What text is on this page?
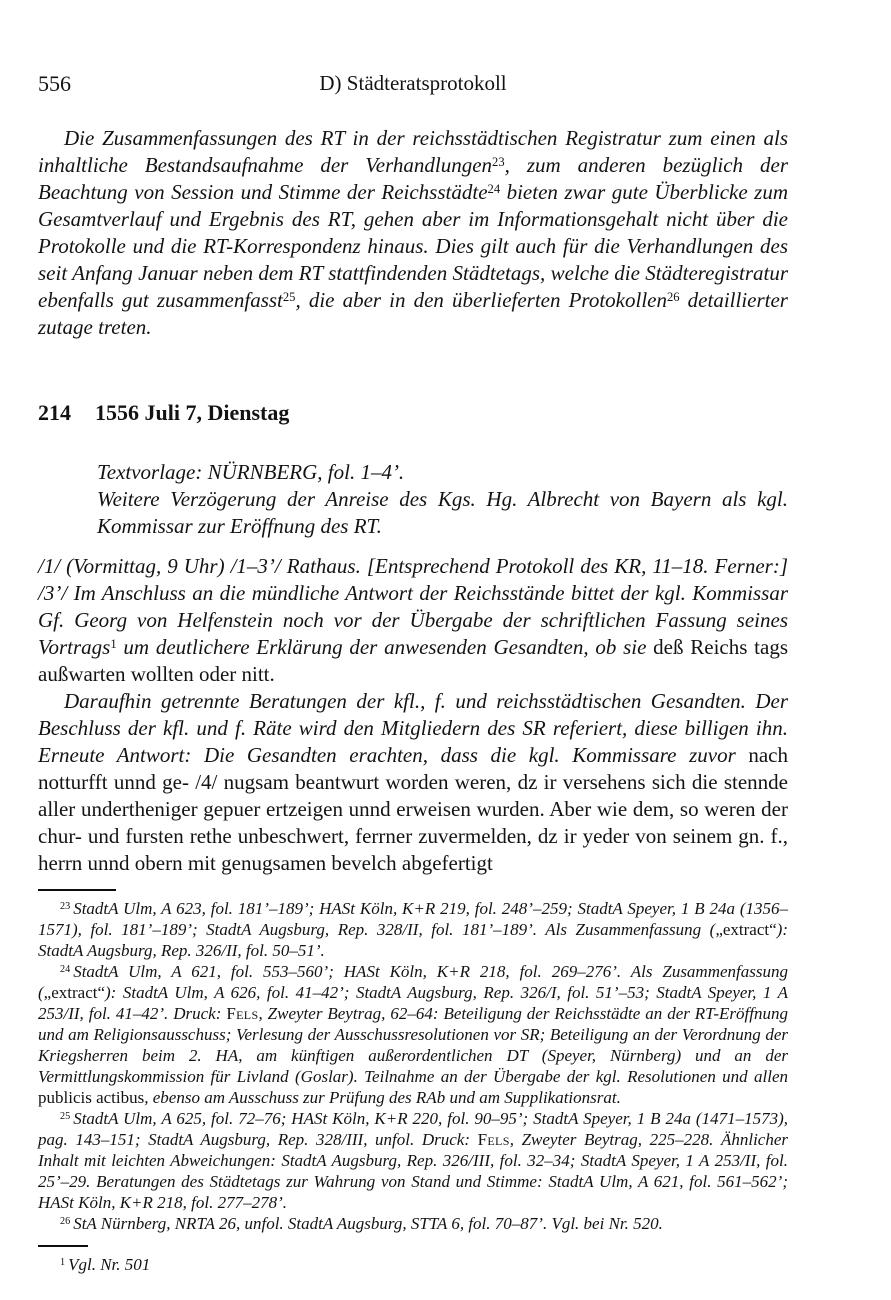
556	D) Städteratsprotokoll

Die Zusammenfassungen des RT in der reichsstädtischen Registratur zum einen als inhaltliche Bestandsaufnahme der Verhandlungen$^{23}$, zum anderen bezüglich der Beachtung von Session und Stimme der Reichsstädte$^{24}$ bieten zwar gute Überblicke zum Gesamtverlauf und Ergebnis des RT, gehen aber im Informationsgehalt nicht über die Protokolle und die RT-Korrespondenz hinaus. Dies gilt auch für die Verhandlungen des seit Anfang Januar neben dem RT stattfindenden Städtetags, welche die Städteregistratur ebenfalls gut zusammenfasst$^{25}$, die aber in den überlieferten Protokollen$^{26}$ detaillierter zutage treten.

214 1556 Juli 7, Dienstag

Textvorlage: NÜRNBERG, fol. 1–4’.

Weitere Verzögerung der Anreise des Kgs. Hg. Albrecht von Bayern als kgl. Kommissar zur Eröffnung des RT.

/1/ (Vormittag, 9 Uhr) /1–3’/ Rathaus. [Entsprechend Protokoll des KR, 11–18. Ferner:] /3’/ Im Anschluss an die mündliche Antwort der Reichsstände bittet der kgl. Kommissar Gf. Georg von Helfenstein noch vor der Übergabe der schriftlichen Fassung seines Vortrags$^1$ um deutlichere Erklärung der anwesenden Gesandten, ob sie deß Reichs tags außwarten wollten oder nitt.

Daraufhin getrennte Beratungen der kfl., f. und reichsstädtischen Gesandten. Der Beschluss der kfl. und f. Räte wird den Mitgliedern des SR referiert, diese billigen ihn. Erneute Antwort: Die Gesandten erachten, dass die kgl. Kommissare zuvor nach notturfft unnd ge- /4/ nugsam beantwurt worden weren, dz ir versehens sich die stennde aller undertheniger gepuer ertzeigen unnd erweisen wurden. Aber wie dem, so weren der chur- und fursten rethe unbeschwert, ferrner zuvermelden, dz ir yeder von seinem gn. f., herrn unnd obern mit genugsamen bevelch abgefertigt

$^{23}$ StadtA Ulm, A 623, fol. 181’–189’; HASt Köln, K+R 219, fol. 248’–259; StadtA Speyer, 1 B 24a (1356–1571), fol. 181’–189’; StadtA Augsburg, Rep. 328/II, fol. 181’–189’. Als Zusammenfassung („extract“): StadtA Augsburg, Rep. 326/II, fol. 50–51’.

$^{24}$ StadtA Ulm, A 621, fol. 553–560’; HASt Köln, K+R 218, fol. 269–276’. Als Zusammenfassung („extract“): StadtA Ulm, A 626, fol. 41–42’; StadtA Augsburg, Rep. 326/I, fol. 51’–53; StadtA Speyer, 1 A 253/II, fol. 41–42’. Druck: Fels, Zweyter Beytrag, 62–64: Beteiligung der Reichsstädte an der RT-Eröffnung und am Religionsausschuss; Verlesung der Ausschussresolutionen vor SR; Beteiligung an der Verordnung der Kriegsherren beim 2. HA, am künftigen außerordentlichen DT (Speyer, Nürnberg) und an der Vermittlungskommission für Livland (Goslar). Teilnahme an der Übergabe der kgl. Resolutionen und allen publicis actibus, ebenso am Ausschuss zur Prüfung des RAb und am Supplikationsrat.

$^{25}$ StadtA Ulm, A 625, fol. 72–76; HASt Köln, K+R 220, fol. 90–95’; StadtA Speyer, 1 B 24a (1471–1573), pag. 143–151; StadtA Augsburg, Rep. 328/III, unfol. Druck: Fels, Zweyter Beytrag, 225–228. Ähnlicher Inhalt mit leichten Abweichungen: StadtA Augsburg, Rep. 326/III, fol. 32–34; StadtA Speyer, 1 A 253/II, fol. 25’–29. Beratungen des Städtetags zur Wahrung von Stand und Stimme: StadtA Ulm, A 621, fol. 561–562’; HASt Köln, K+R 218, fol. 277–278’.

$^{26}$ StA Nürnberg, NRTA 26, unfol. StadtA Augsburg, STTA 6, fol. 70–87’. Vgl. bei Nr. 520.

$^1$ Vgl. Nr. 501
